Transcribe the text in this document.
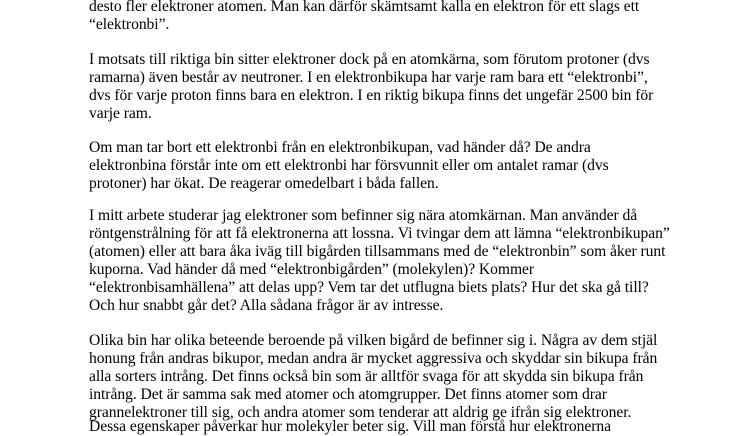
desto fler elektroner atomen. Man kan därför skämtsamt kalla en elektron för ett slags ett
“elektronbi”.
I motsats till riktiga bin sitter elektroner dock på en atomkärna, som förutom protoner (dvs
ramarna) även består av neutroner. I en elektronbikupa har varje ram bara ett “elektronbi”,
dvs för varje proton finns bara en elektron. I en riktig bikupa finns det ungefär 2500 bin för
varje ram.
Om man tar bort ett elektronbi från en elektronbikupan, vad händer då? De andra
elektronbina förstår inte om ett elektronbi har försvunnit eller om antalet ramar (dvs
protoner) har ökat. De reagerar omedelbart i båda fallen.
I mitt arbete studerar jag elektroner som befinner sig nära atomkärnan. Man använder då
röntgenstrålning för att få elektronerna att lossna. Vi tvingar dem att lämna “elektronbikupan”
(atomen) eller att bara åka iväg till bigården tillsammans med de “elektronbin” som åker runt
kuporna. Vad händer då med “elektronbigården” (molekylen)? Kommer
“elektronbisamhällena” att delas upp? Vem tar det utflugna biets plats? Hur det ska gå till?
Och hur snabbt går det? Alla sådana frågor är av intresse.
Olika bin har olika beteende beroende på vilken bigård de befinner sig i. Några av dem stjäl
honung från andras bikupor, medan andra är mycket aggressiva och skyddar sin bikupa från
alla sorters intrång. Det finns också bin som är alltför svaga för att skydda sin bikupa från
intrång. Det är samma sak med atomer och atomgrupper. Det finns atomer som drar
grannelektroner till sig, och andra atomer som tenderar att aldrig ge ifrån sig elektroner.
Dessa egenskaper påverkar hur molekyler beter sig. Vill man förstå hur elektronerna
